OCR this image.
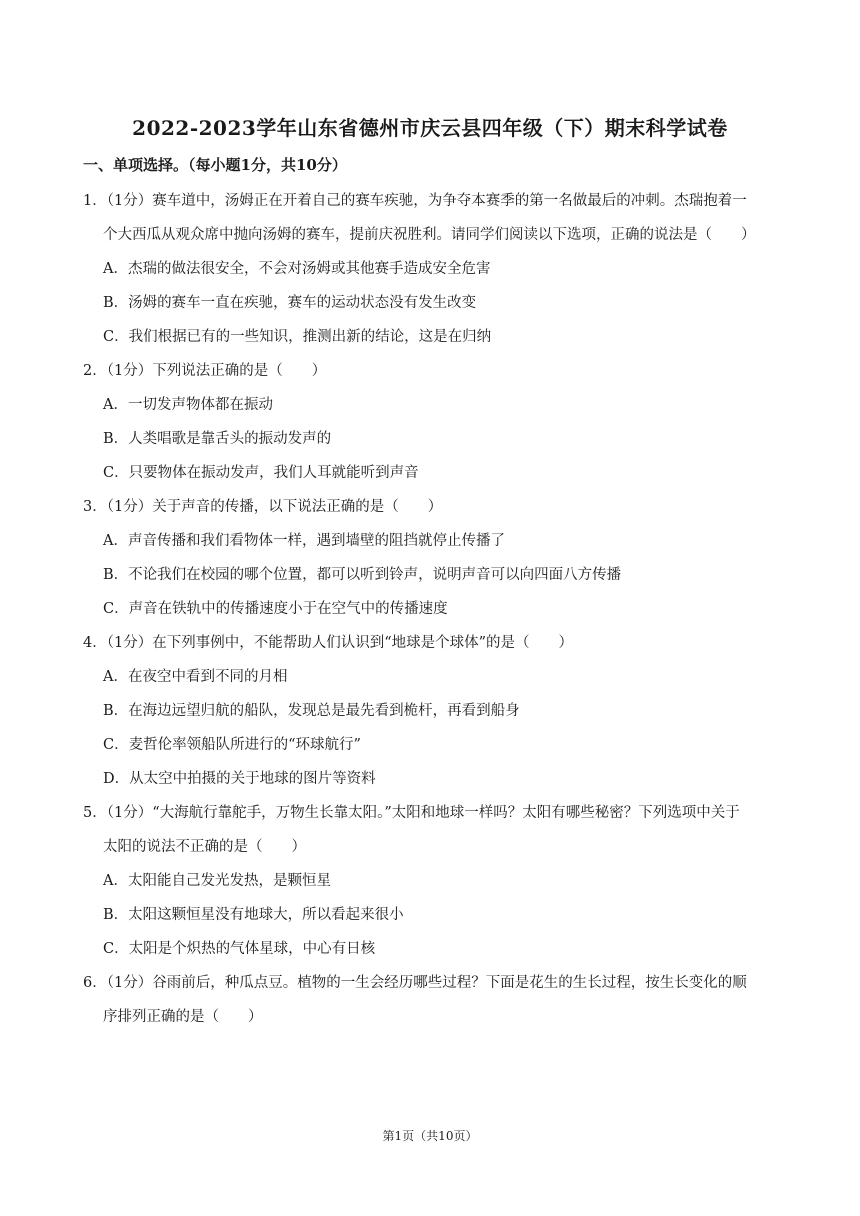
2022-2023学年山东省德州市庆云县四年级（下）期末科学试卷
一、单项选择。（每小题1分，共10分）
1．（1分）赛车道中，汤姆正在开着自己的赛车疾驰，为争夺本赛季的第一名做最后的冲刺。杰瑞抱着一
个大西瓜从观众席中抛向汤姆的赛车，提前庆祝胜利。请同学们阅读以下选项，正确的说法是（　　）
A．杰瑞的做法很安全，不会对汤姆或其他赛手造成安全危害
B．汤姆的赛车一直在疾驰，赛车的运动状态没有发生改变
C．我们根据已有的一些知识，推测出新的结论，这是在归纳
2．（1分）下列说法正确的是（　　）
A．一切发声物体都在振动
B．人类唱歌是靠舌头的振动发声的
C．只要物体在振动发声，我们人耳就能听到声音
3．（1分）关于声音的传播，以下说法正确的是（　　）
A．声音传播和我们看物体一样，遇到墙壁的阻挡就停止传播了
B．不论我们在校园的哪个位置，都可以听到铃声，说明声音可以向四面八方传播
C．声音在铁轨中的传播速度小于在空气中的传播速度
4．（1分）在下列事例中，不能帮助人们认识到“地球是个球体”的是（　　）
A．在夜空中看到不同的月相
B．在海边远望归航的船队，发现总是最先看到桅杆，再看到船身
C．麦哲伦率领船队所进行的“环球航行”
D．从太空中拍摄的关于地球的图片等资料
5．（1分）“大海航行靠舵手，万物生长靠太阳。”太阳和地球一样吗？太阳有哪些秘密？下列选项中关于
太阳的说法不正确的是（　　）
A．太阳能自己发光发热，是颗恒星
B．太阳这颗恒星没有地球大，所以看起来很小
C．太阳是个炽热的气体星球，中心有日核
6．（1分）谷雨前后，种瓜点豆。植物的一生会经历哪些过程？下面是花生的生长过程，按生长变化的顺
序排列正确的是（　　）
第1页（共10页）
